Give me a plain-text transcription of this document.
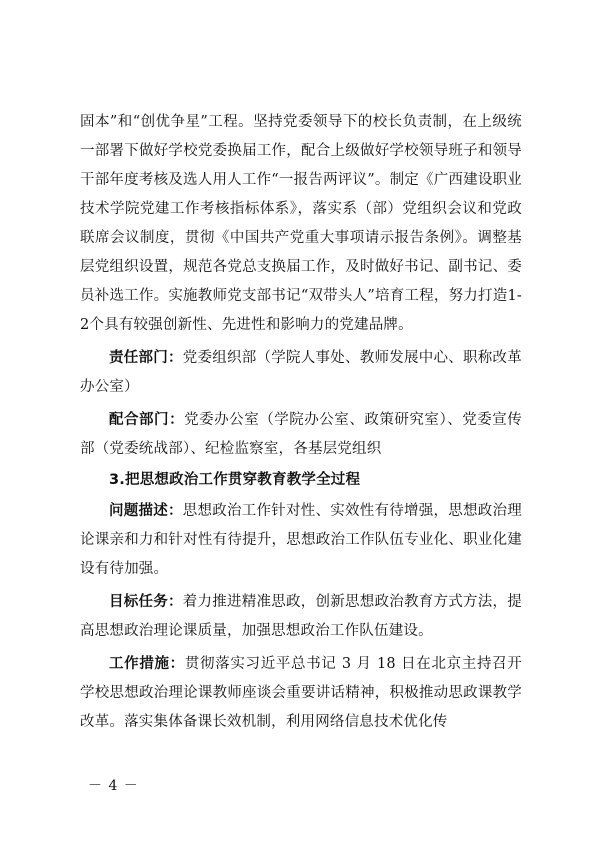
固本”和“创优争星”工程。坚持党委领导下的校长负责制，在上级统一部署下做好学校党委换届工作，配合上级做好学校领导班子和领导干部年度考核及选人用人工作“一报告两评议”。制定《广西建设职业技术学院党建工作考核指标体系》，落实系（部）党组织会议和党政联席会议制度，贯彻《中国共产党重大事项请示报告条例》。调整基层党组织设置，规范各党总支换届工作，及时做好书记、副书记、委员补选工作。实施教师党支部书记“双带头人”培育工程，努力打造1-2个具有较强创新性、先进性和影响力的党建品牌。

责任部门：党委组织部（学院人事处、教师发展中心、职称改革办公室）

配合部门：党委办公室（学院办公室、政策研究室）、党委宣传部（党委统战部）、纪检监察室，各基层党组织

3.把思想政治工作贯穿教育教学全过程

问题描述：思想政治工作针对性、实效性有待增强，思想政治理论课亲和力和针对性有待提升，思想政治工作队伍专业化、职业化建设有待加强。

目标任务：着力推进精准思政，创新思想政治教育方式方法，提高思想政治理论课质量，加强思想政治工作队伍建设。

工作措施：贯彻落实习近平总书记 3 月 18 日在北京主持召开学校思想政治理论课教师座谈会重要讲话精神，积极推动思政课教学改革。落实集体备课长效机制，利用网络信息技术优化传

－ 4 －
